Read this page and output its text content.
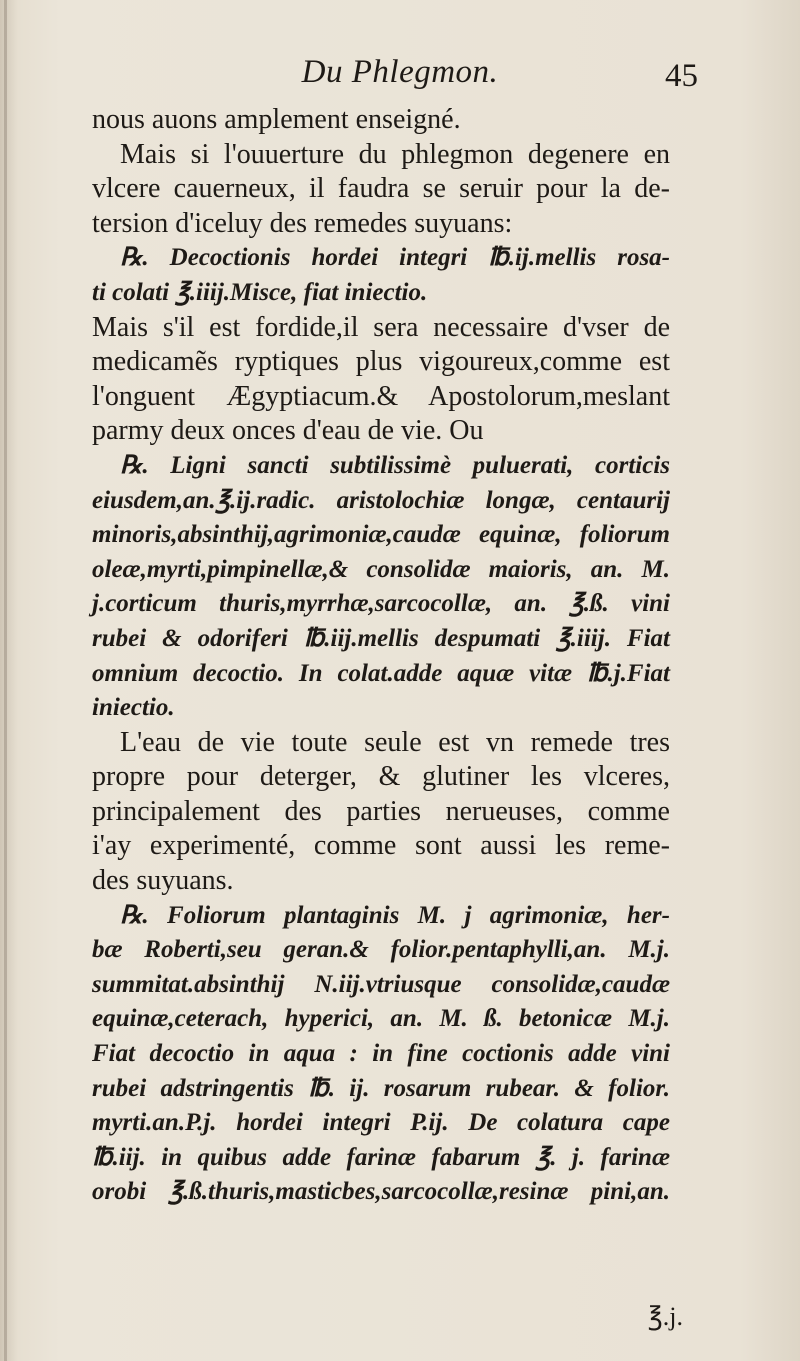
Du Phlegmon.	45
nous auons amplement enseigné.
Mais si l'ouuerture du phlegmon degenere en
vlcere cauerneux, il faudra se seruir pour la de-
tersion d'iceluy des remedes suyuans:
℞. Decoctionis hordei integri ℔.ij.mellis rosa-
ti colati ℥.iiij.Misce, fiat iniectio.
Mais s'il est fordide,il sera necessaire d'vser de
medicamẽs ryptiques plus vigoureux,comme est
l'onguent Ægyptiacum.& Apostolorum,meslant
parmy deux onces d'eau de vie. Ou
℞. Ligni sancti subtilissimè puluerati, corticis
eiusdem,an.℥.ij.radic. aristolochiæ longæ, centaurij
minoris,absinthij,agrimoniæ,caudæ equinæ, foliorum
oleæ,myrti,pimpinellæ,& consolidæ maioris, an. M.
j.corticum thuris,myrrhæ,sarcocollæ, an. ℥.ß. vini
rubei & odoriferi ℔.iij.mellis despumati ℥.iiij. Fiat
omnium decoctio. In colat.adde aquæ vitæ ℔.j.Fiat
iniectio.
L'eau de vie toute seule est vn remede tres
propre pour deterger, & glutiner les vlceres,
principalement des parties nerueuses, comme
i'ay experimenté, comme sont aussi les reme-
des suyuans.
℞. Foliorum plantaginis M. j agrimoniæ, her-
bæ Roberti,seu geran.& folior.pentaphylli,an. M.j.
summitat.absinthij N.iij.vtriusque consolidæ,caudæ
equinæ,ceterach, hyperici, an. M. ß. betonicæ M.j.
Fiat decoctio in aqua : in fine coctionis adde vini
rubei adstringentis ℔. ij. rosarum rubear. & folior.
myrti.an.P.j. hordei integri P.ij. De colatura cape
℔.iij. in quibus adde farinæ fabarum ℥. j. farinæ
orobi ℥.ß.thuris,masticbes,sarcocollæ,resinæ pini,an.
℥.j.
